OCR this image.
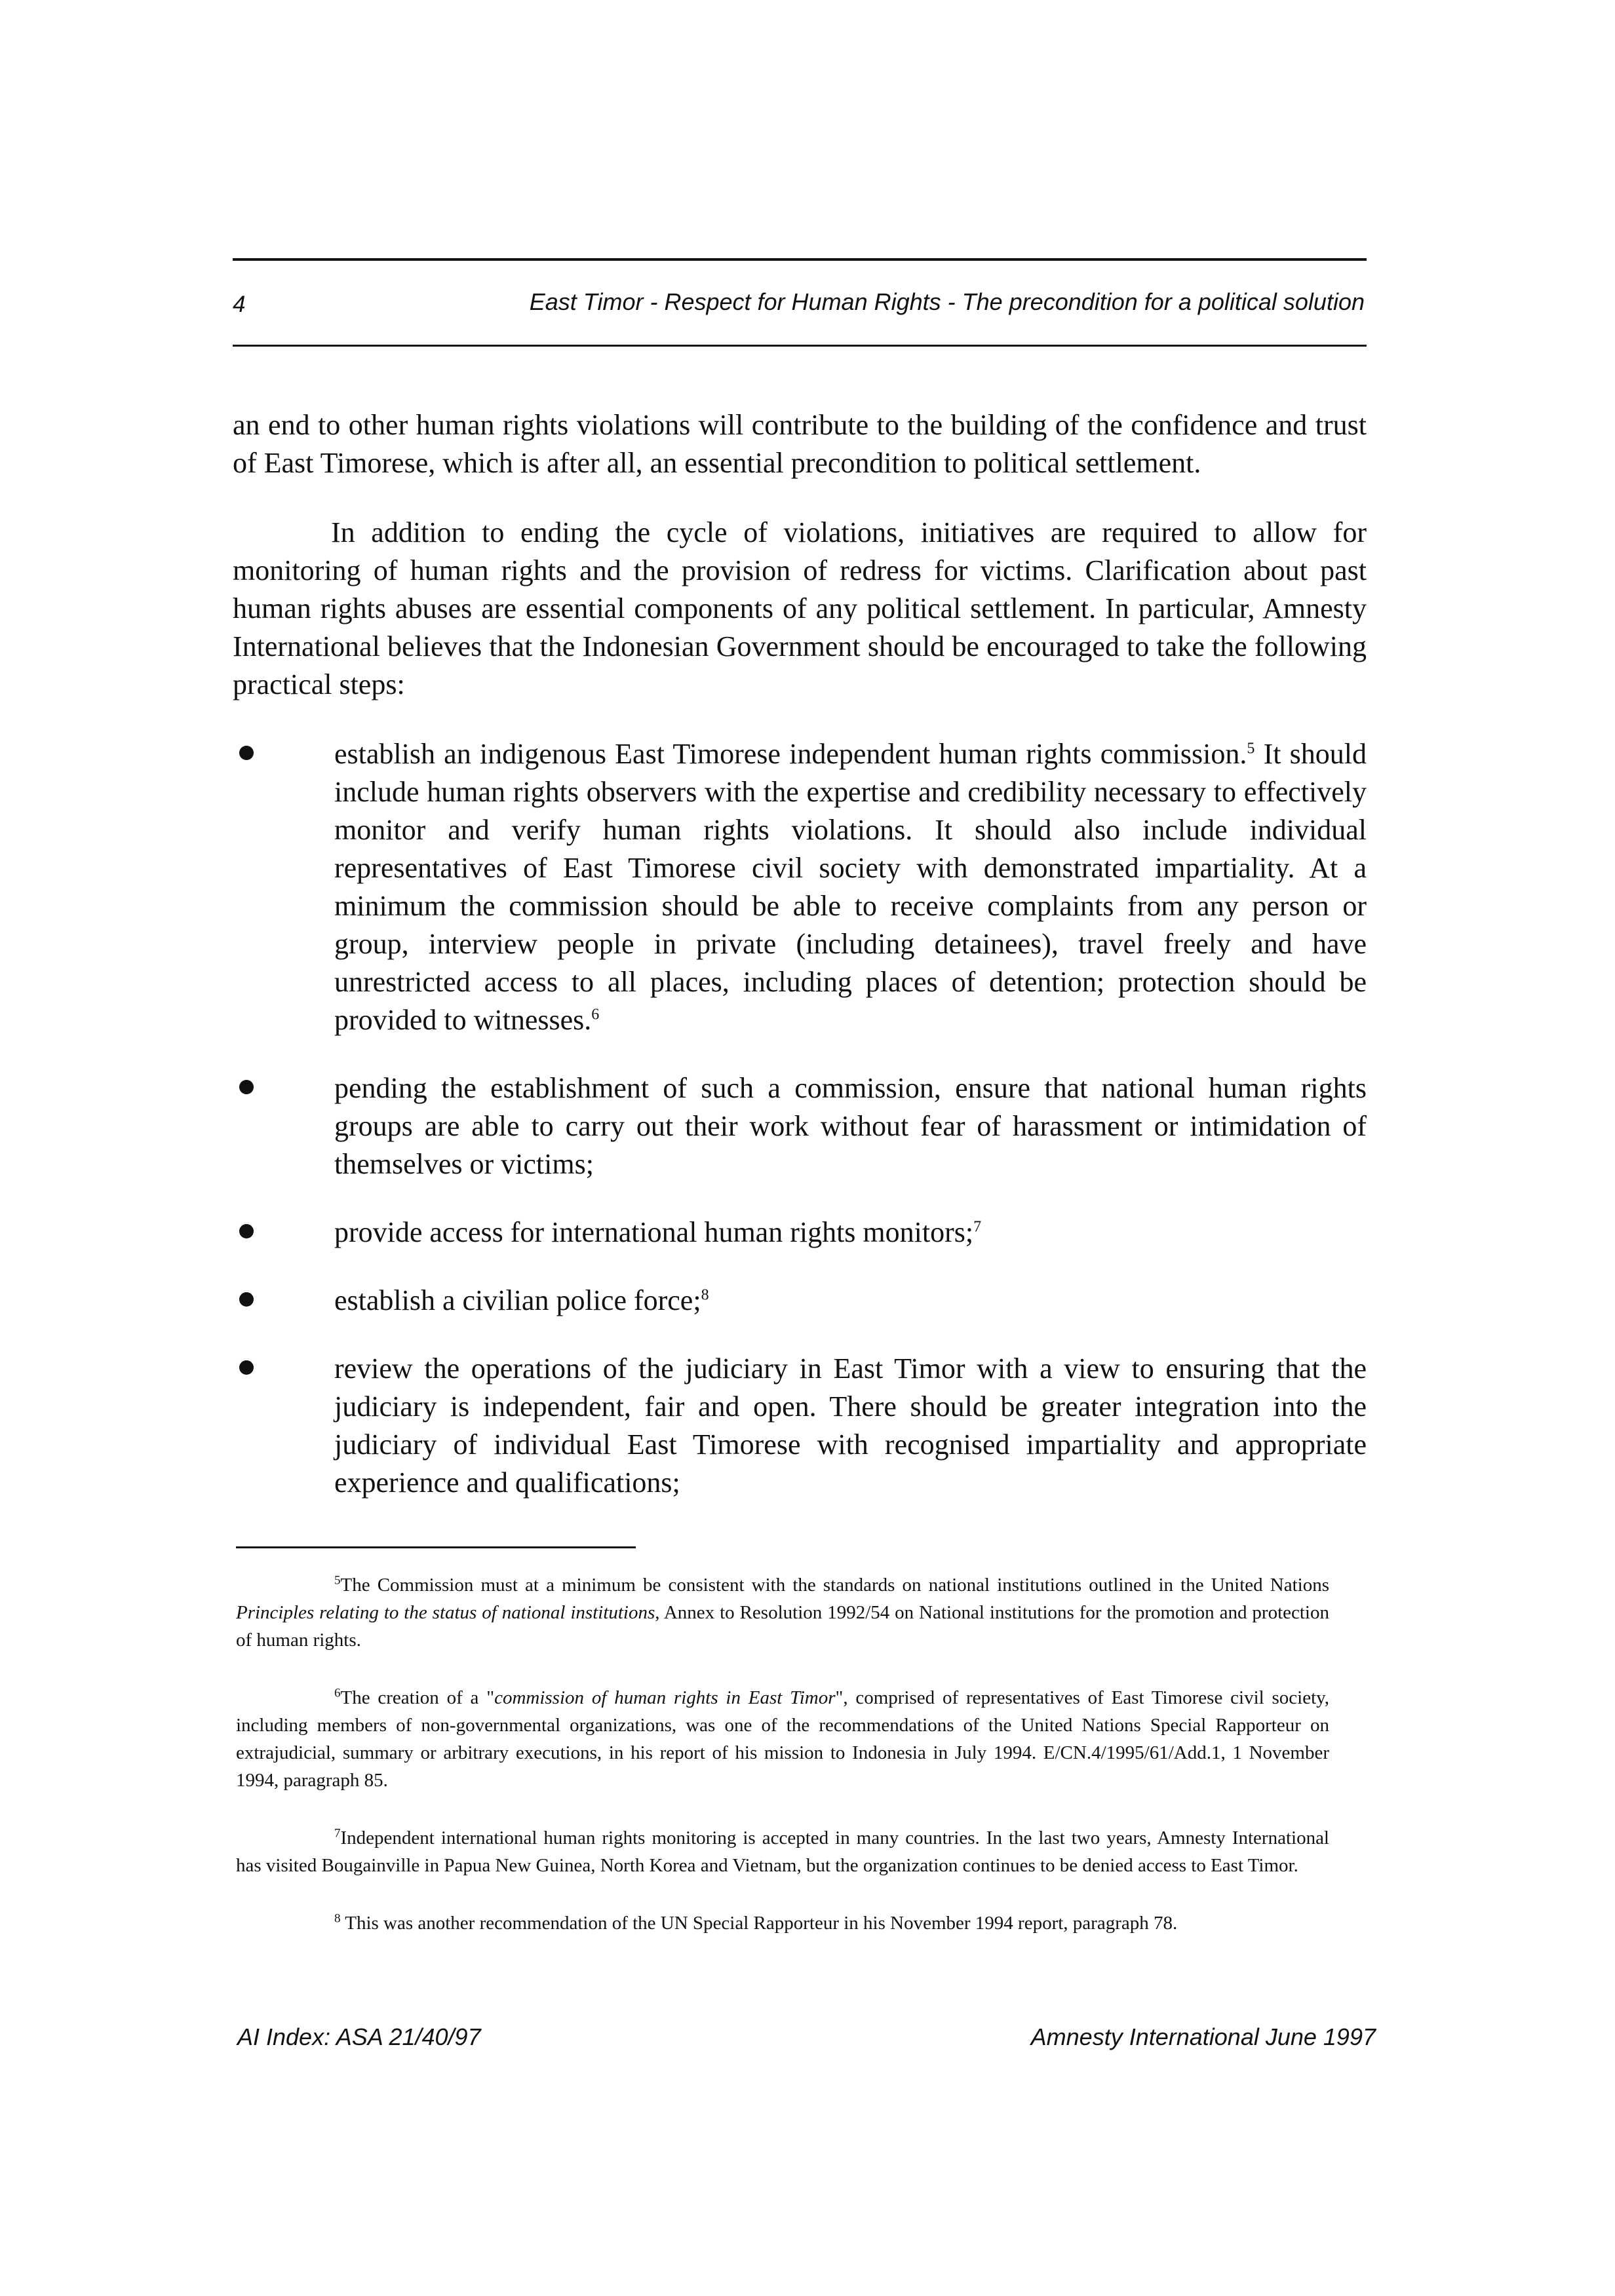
4	East Timor - Respect for Human Rights - The precondition for a political solution

an end to other human rights violations will contribute to the building of the confidence and trust of East Timorese, which is after all, an essential precondition to political settlement.

In addition to ending the cycle of violations, initiatives are required to allow for monitoring of human rights and the provision of redress for victims. Clarification about past human rights abuses are essential components of any political settlement. In particular, Amnesty International believes that the Indonesian Government should be encouraged to take the following practical steps:

establish an indigenous East Timorese independent human rights commission.$^5$ It should include human rights observers with the expertise and credibility necessary to effectively monitor and verify human rights violations. It should also include individual representatives of East Timorese civil society with demonstrated impartiality. At a minimum the commission should be able to receive complaints from any person or group, interview people in private (including detainees), travel freely and have unrestricted access to all places, including places of detention; protection should be provided to witnesses.$^6$
pending the establishment of such a commission, ensure that national human rights groups are able to carry out their work without fear of harassment or intimidation of themselves or victims;
provide access for international human rights monitors;$^7$
establish a civilian police force;$^8$
review the operations of the judiciary in East Timor with a view to ensuring that the judiciary is independent, fair and open. There should be greater integration into the judiciary of individual East Timorese with recognised impartiality and appropriate experience and qualifications;

$^5$The Commission must at a minimum be consistent with the standards on national institutions outlined in the United Nations Principles relating to the status of national institutions, Annex to Resolution 1992/54 on National institutions for the promotion and protection of human rights.

$^6$The creation of a "commission of human rights in East Timor", comprised of representatives of East Timorese civil society, including members of non-governmental organizations, was one of the recommendations of the United Nations Special Rapporteur on extrajudicial, summary or arbitrary executions, in his report of his mission to Indonesia in July 1994. E/CN.4/1995/61/Add.1, 1 November 1994, paragraph 85.

$^7$Independent international human rights monitoring is accepted in many countries. In the last two years, Amnesty International has visited Bougainville in Papua New Guinea, North Korea and Vietnam, but the organization continues to be denied access to East Timor.

$^8$ This was another recommendation of the UN Special Rapporteur in his November 1994 report, paragraph 78.

AI Index: ASA 21/40/97	Amnesty International June 1997
